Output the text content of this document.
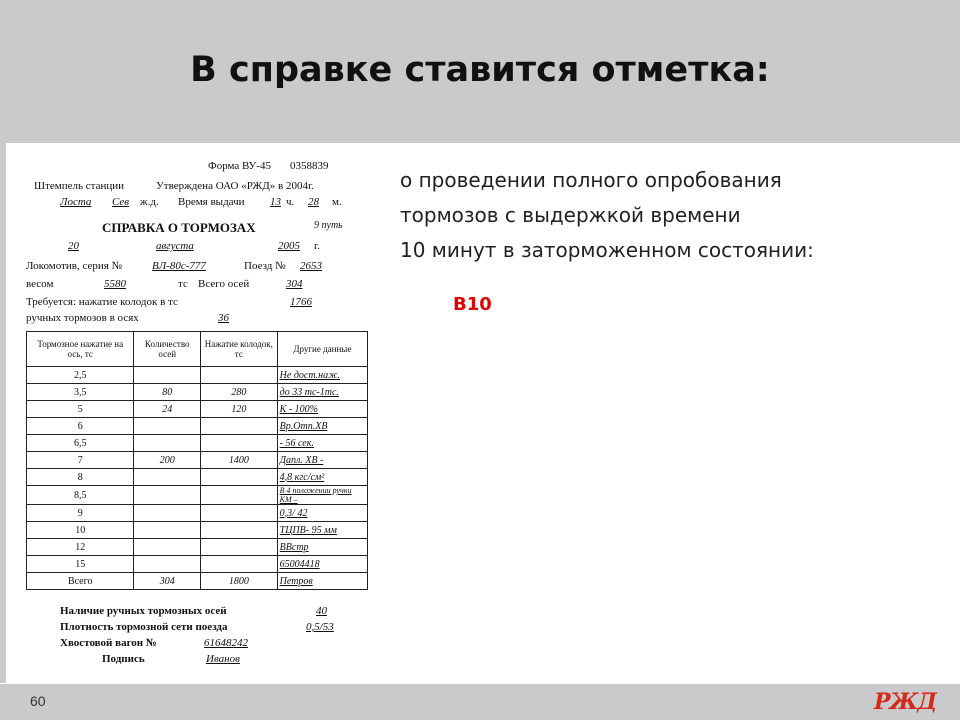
В справке ставится отметка:
Форма ВУ-45 0358839
Штемпель станции	Утверждена ОАО «РЖД» в 2004г.
Лоста Сев ж.д. Время выдачи 13 ч. 28 м.
СПРАВКА О ТОРМОЗАХ	9 путь
20	августа	2005 г.
Локомотив, серия №	ВЛ-80с-777	Поезд № 2653
весом	5580	тс Всего осей	304
Требуется: нажатие колодок в тс	1766
ручных тормозов в осях	36
Тормозное нажатие на ось, тс	Количество осей	Нажатие колодок, тс	Другие данные
2,5			Не дост.наж.
3,5	80	280	до 33 тс-1тс.
5	24	120	К - 100%
6			Вр.Отп.ХВ
6,5			- 56 сек.
7	200	1400	Дапл. ХВ -
8			4,8 кгс/см²
8,5			В 4 положении ручки КМ –
9			0,3/ 42
10			ТЦПВ- 95 мм
12			ВВстр
15			65004418
Всего	304	1800	Петров
Наличие ручных тормозных осей	40
Плотность тормозной сети поезда	0,5/53
Хвостовой вагон №	61648242
Подпись	Иванов
о проведении полного опробования
тормозов с выдержкой времени
10 минут в заторможенном состоянии:
В10
60	РЖД
